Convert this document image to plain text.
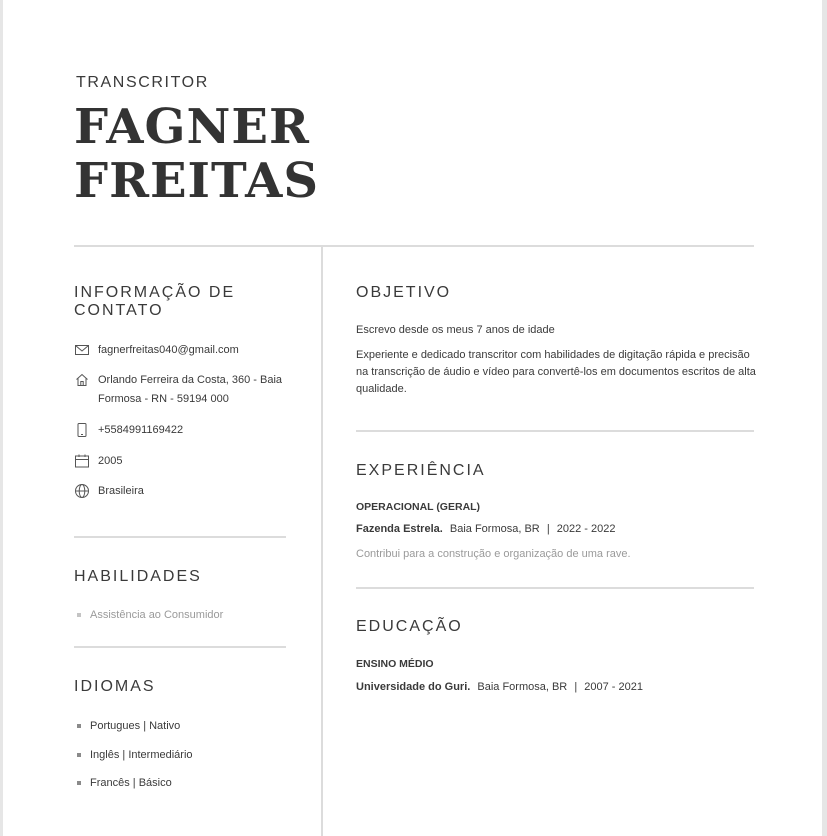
TRANSCRITOR
FAGNER
FREITAS
INFORMAÇÃO DE
CONTATO
fagnerfreitas040@gmail.com
Orlando Ferreira da Costa, 360 - Baia Formosa - RN - 59194 000
+5584991169422
2005
Brasileira
HABILIDADES
Assistência ao Consumidor
IDIOMAS
Portugues | Nativo
Inglês | Intermediário
Francês | Básico
OBJETIVO
Escrevo desde os meus 7 anos de idade
Experiente e dedicado transcritor com habilidades de digitação rápida e precisão na transcrição de áudio e vídeo para convertê-los em documentos escritos de alta qualidade.
EXPERIÊNCIA
OPERACIONAL (GERAL)
Fazenda Estrela. Baia Formosa, BR | 2022 - 2022
Contribui para a construção e organização de uma rave.
EDUCAÇÃO
ENSINO MÉDIO
Universidade do Guri. Baia Formosa, BR | 2007 - 2021
